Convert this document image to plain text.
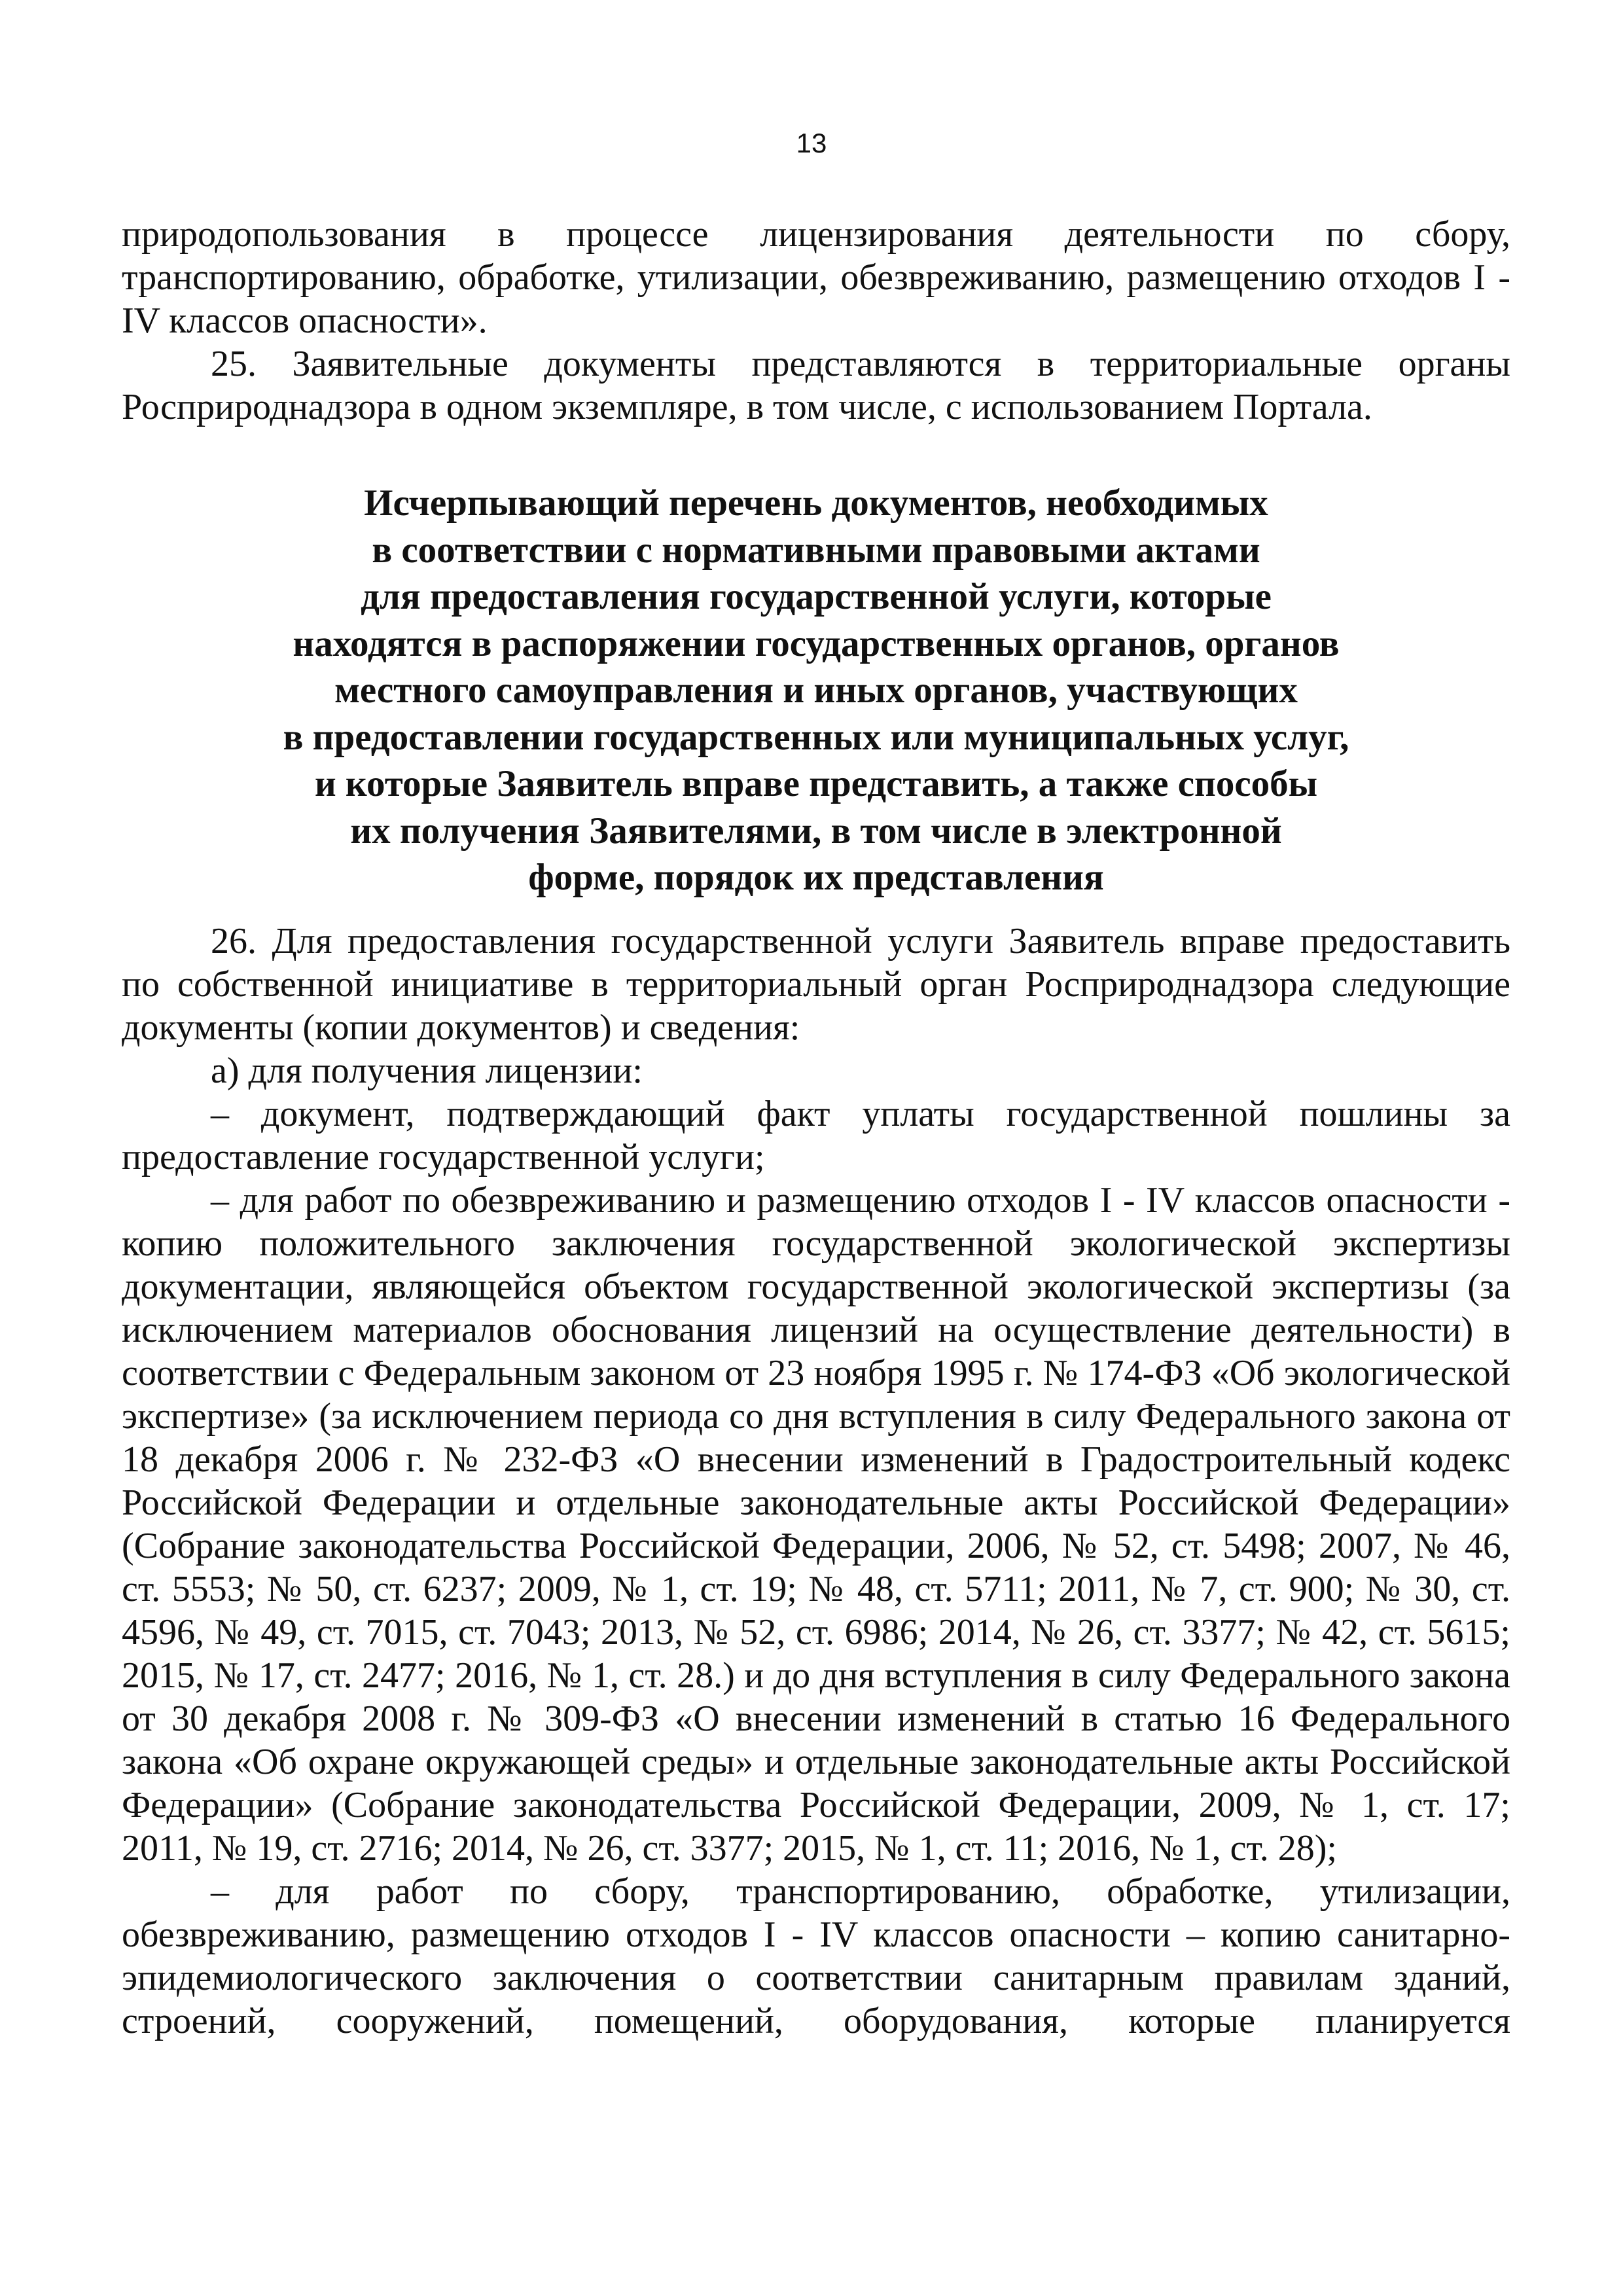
13

природопользования в процессе лицензирования деятельности по сбору, транспортированию, обработке, утилизации, обезвреживанию, размещению отходов I - IV классов опасности».

25. Заявительные документы представляются в территориальные органы Росприроднадзора в одном экземпляре, в том числе, с использованием Портала.

Исчерпывающий перечень документов, необходимых
в соответствии с нормативными правовыми актами
для предоставления государственной услуги, которые
находятся в распоряжении государственных органов, органов
местного самоуправления и иных органов, участвующих
в предоставлении государственных или муниципальных услуг,
и которые Заявитель вправе представить, а также способы
их получения Заявителями, в том числе в электронной
форме, порядок их представления

26. Для предоставления государственной услуги Заявитель вправе предоставить по собственной инициативе в территориальный орган Росприроднадзора следующие документы (копии документов) и сведения:

а) для получения лицензии:

– документ, подтверждающий факт уплаты государственной пошлины за предоставление государственной услуги;

– для работ по обезвреживанию и размещению отходов I - IV классов опасности - копию положительного заключения государственной экологической экспертизы документации, являющейся объектом государственной экологической экспертизы (за исключением материалов обоснования лицензий на осуществление деятельности) в соответствии с Федеральным законом от 23 ноября 1995 г. № 174-ФЗ «Об экологической экспертизе» (за исключением периода со дня вступления в силу Федерального закона от 18 декабря 2006 г. № 232-ФЗ «О внесении изменений в Градостроительный кодекс Российской Федерации и отдельные законодательные акты Российской Федерации» (Собрание законодательства Российской Федерации, 2006, № 52, ст. 5498; 2007, № 46, ст. 5553; № 50, ст. 6237; 2009, № 1, ст. 19; № 48, ст. 5711; 2011, № 7, ст. 900; № 30, ст. 4596, № 49, ст. 7015, ст. 7043; 2013, № 52, ст. 6986; 2014, № 26, ст. 3377; № 42, ст. 5615; 2015, № 17, ст. 2477; 2016, № 1, ст. 28.) и до дня вступления в силу Федерального закона от 30 декабря 2008 г. № 309-ФЗ «О внесении изменений в статью 16 Федерального закона «Об охране окружающей среды» и отдельные законодательные акты Российской Федерации» (Собрание законодательства Российской Федерации, 2009, № 1, ст. 17; 2011, № 19, ст. 2716; 2014, № 26, ст. 3377; 2015, № 1, ст. 11; 2016, № 1, ст. 28);

– для работ по сбору, транспортированию, обработке, утилизации, обезвреживанию, размещению отходов I - IV классов опасности – копию санитарно-эпидемиологического заключения о соответствии санитарным правилам зданий, строений, сооружений, помещений, оборудования, которые планируется
